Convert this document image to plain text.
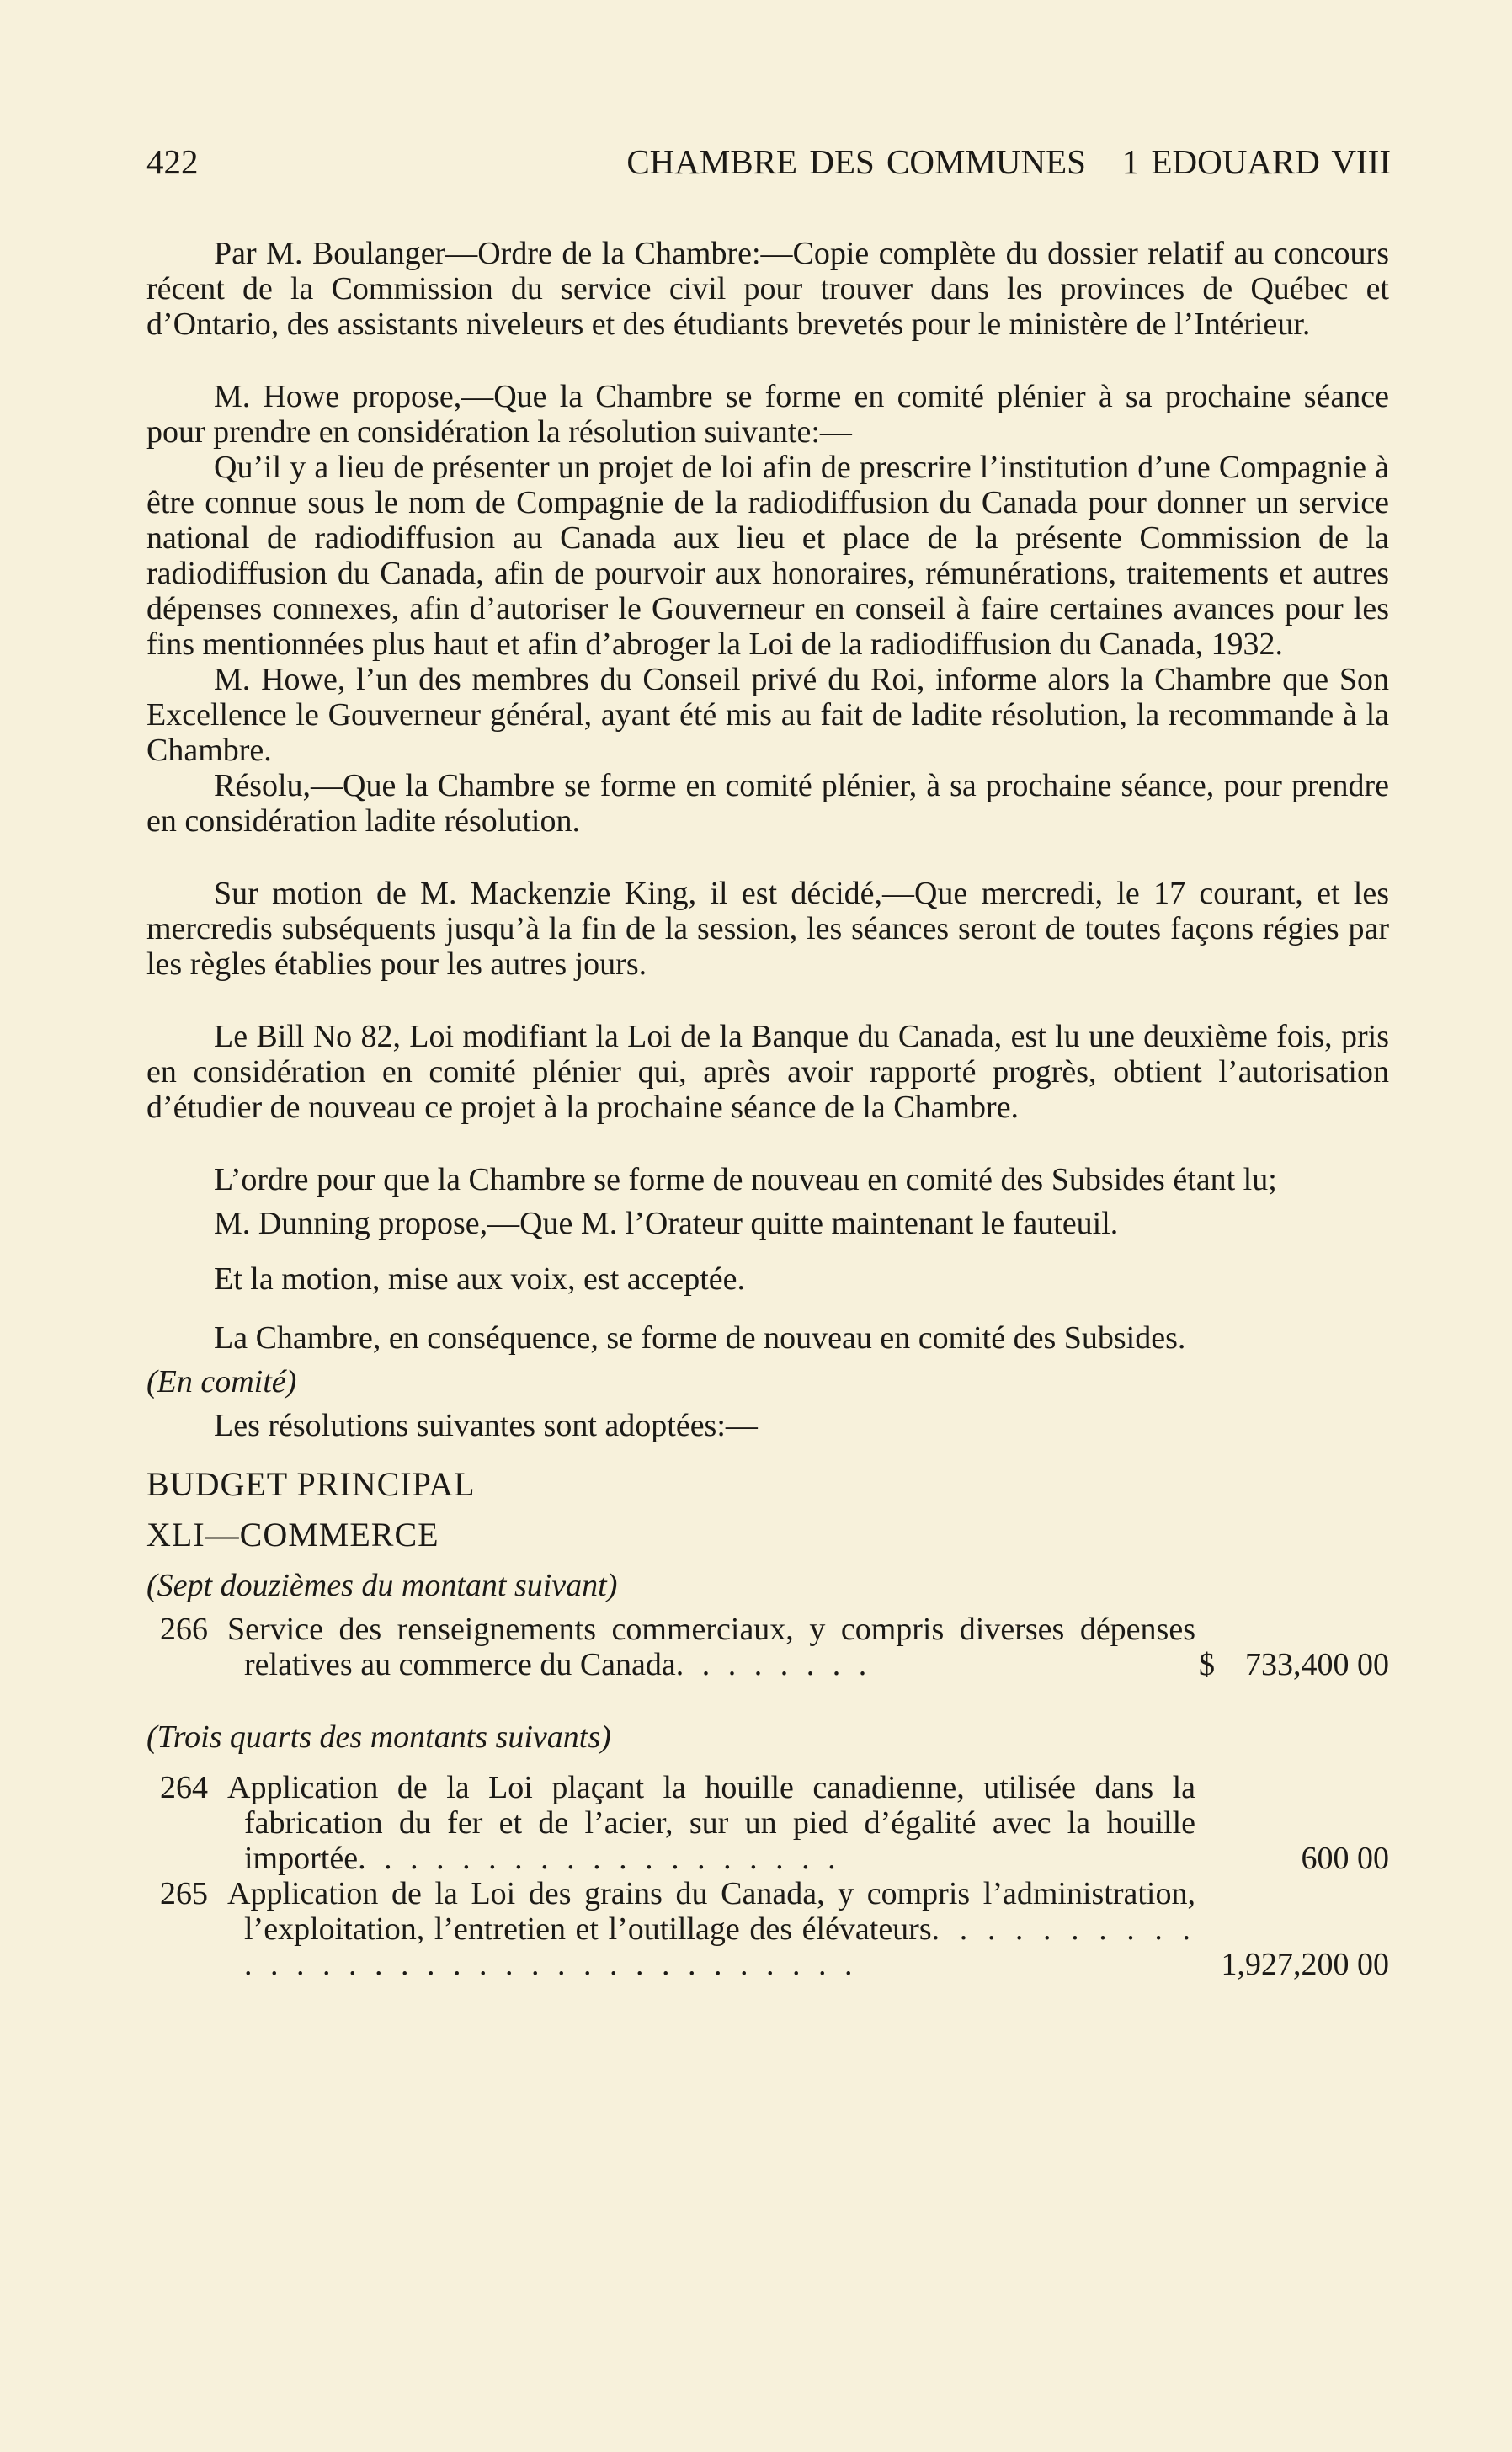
422	CHAMBRE DES COMMUNES   1 EDOUARD VIII

Par M. Boulanger—Ordre de la Chambre:—Copie complète du dossier relatif au concours récent de la Commission du service civil pour trouver dans les provinces de Québec et d’Ontario, des assistants niveleurs et des étudiants brevetés pour le ministère de l’Intérieur.

M. Howe propose,—Que la Chambre se forme en comité plénier à sa prochaine séance pour prendre en considération la résolution suivante:—

Qu’il y a lieu de présenter un projet de loi afin de prescrire l’institution d’une Compagnie à être connue sous le nom de Compagnie de la radiodiffusion du Canada pour donner un service national de radiodiffusion au Canada aux lieu et place de la présente Commission de la radiodiffusion du Canada, afin de pourvoir aux honoraires, rémunérations, traitements et autres dépenses connexes, afin d’autoriser le Gouverneur en conseil à faire certaines avances pour les fins mentionnées plus haut et afin d’abroger la Loi de la radiodiffusion du Canada, 1932.

M. Howe, l’un des membres du Conseil privé du Roi, informe alors la Chambre que Son Excellence le Gouverneur général, ayant été mis au fait de ladite résolution, la recommande à la Chambre.

Résolu,—Que la Chambre se forme en comité plénier, à sa prochaine séance, pour prendre en considération ladite résolution.

Sur motion de M. Mackenzie King, il est décidé,—Que mercredi, le 17 courant, et les mercredis subséquents jusqu’à la fin de la session, les séances seront de toutes façons régies par les règles établies pour les autres jours.

Le Bill No 82, Loi modifiant la Loi de la Banque du Canada, est lu une deuxième fois, pris en considération en comité plénier qui, après avoir rapporté progrès, obtient l’autorisation d’étudier de nouveau ce projet à la prochaine séance de la Chambre.

L’ordre pour que la Chambre se forme de nouveau en comité des Subsides étant lu;

M. Dunning propose,—Que M. l’Orateur quitte maintenant le fauteuil.

Et la motion, mise aux voix, est acceptée.

La Chambre, en conséquence, se forme de nouveau en comité des Subsides.

(En comité)

Les résolutions suivantes sont adoptées:—

BUDGET PRINCIPAL

XLI—COMMERCE

(Sept douzièmes du montant suivant)

266 Service des renseignements commerciaux, y compris diverses dépenses relatives au commerce du Canada. . . . . . . .	$ 733,400 00

(Trois quarts des montants suivants)

264 Application de la Loi plaçant la houille canadienne, utilisée dans la fabrication du fer et de l’acier, sur un pied d’égalité avec la houille importée. . . . . . . . . . . . . . . . . . .	600 00
265 Application de la Loi des grains du Canada, y compris l’administration, l’exploitation, l’entretien et l’outillage des élévateurs. . . . . . . . . . . . . . . . . . . . . . . . . . . . . . . . . .	1,927,200 00
